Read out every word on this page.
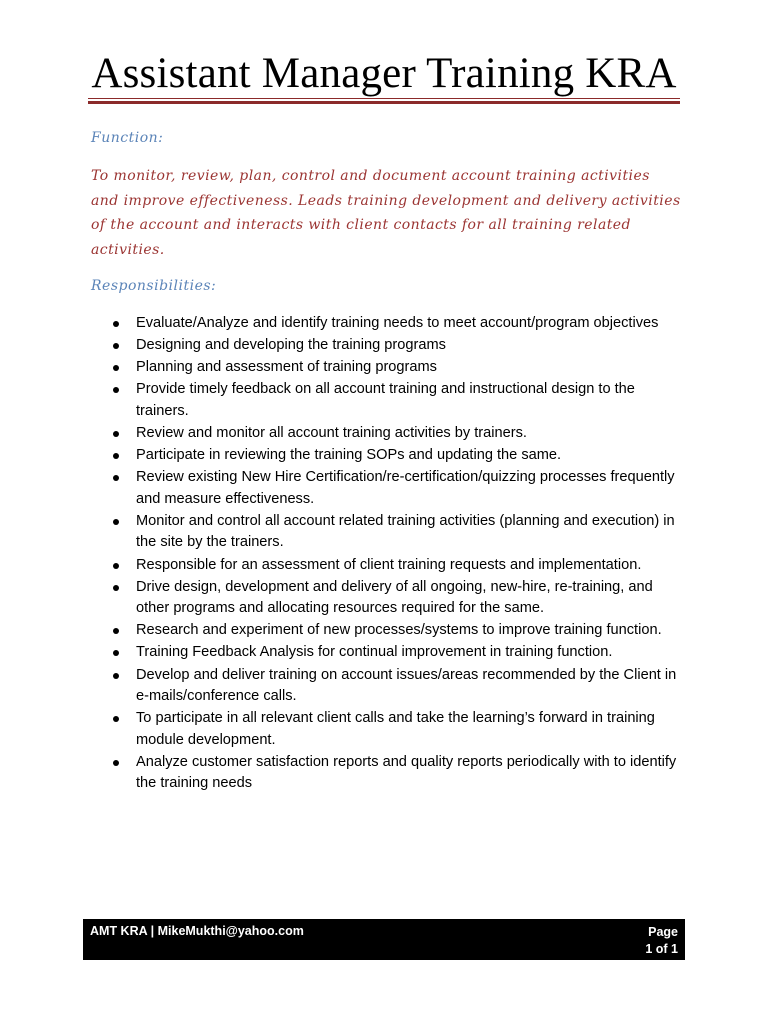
Assistant Manager Training KRA
Function:
To monitor, review, plan, control and document account training activities and improve effectiveness. Leads training development and delivery activities of the account and interacts with client contacts for all training related activities.
Responsibilities:
Evaluate/Analyze and identify training needs to meet account/program objectives
Designing and developing the training programs
Planning and assessment of training programs
Provide timely feedback on all account training and instructional design to the trainers.
Review and monitor all account training activities by trainers.
Participate in reviewing the training SOPs and updating the same.
Review existing New Hire Certification/re-certification/quizzing processes frequently and measure effectiveness.
Monitor and control all account related training activities (planning and execution) in the site by the trainers.
Responsible for an assessment of client training requests and implementation.
Drive design, development and delivery of all ongoing, new-hire, re-training, and other programs and allocating resources required for the same.
Research and experiment of new processes/systems to improve training function.
Training Feedback Analysis for continual improvement in training function.
Develop and deliver training on account issues/areas recommended by the Client in e-mails/conference calls.
To participate in all relevant client calls and take the learning’s forward in training module development.
Analyze customer satisfaction reports and quality reports periodically with to identify the training needs
AMT KRA | MikeMukthi@yahoo.com	Page
1 of 1
